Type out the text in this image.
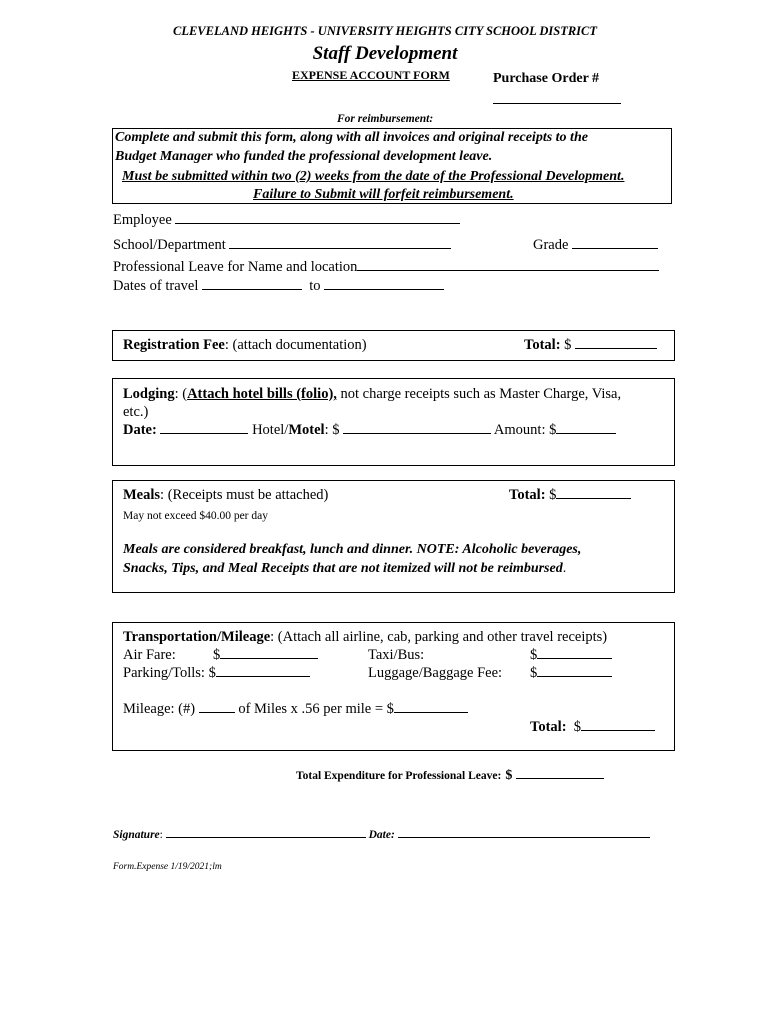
CLEVELAND HEIGHTS - UNIVERSITY HEIGHTS CITY SCHOOL DISTRICT
Staff Development
EXPENSE ACCOUNT FORM	Purchase Order #
For reimbursement:
Complete and submit this form, along with all invoices and original receipts to the
Budget Manager who funded the professional development leave.
Must be submitted within two (2) weeks from the date of the Professional Development.
Failure to Submit will forfeit reimbursement.
Employee
School/Department	Grade
Professional Leave for Name and location
Dates of travel	to
Registration Fee: (attach documentation)	Total: $
Lodging: (Attach hotel bills (folio), not charge receipts such as Master Charge, Visa,
etc.)
Date:	Hotel/Motel: $	Amount: $
Meals: (Receipts must be attached)	Total: $
May not exceed $40.00 per day
Meals are considered breakfast, lunch and dinner. NOTE: Alcoholic beverages,
Snacks, Tips, and Meal Receipts that are not itemized will not be reimbursed.
Transportation/Mileage: (Attach all airline, cab, parking and other travel receipts)
Air Fare:	$	Taxi/Bus:	$
Parking/Tolls: $	Luggage/Baggage Fee: $
Mileage: (#)	of Miles x .56 per mile = $
Total: $
Total Expenditure for Professional Leave: $
Signature:	Date:
Form.Expense 1/19/2021;lm
